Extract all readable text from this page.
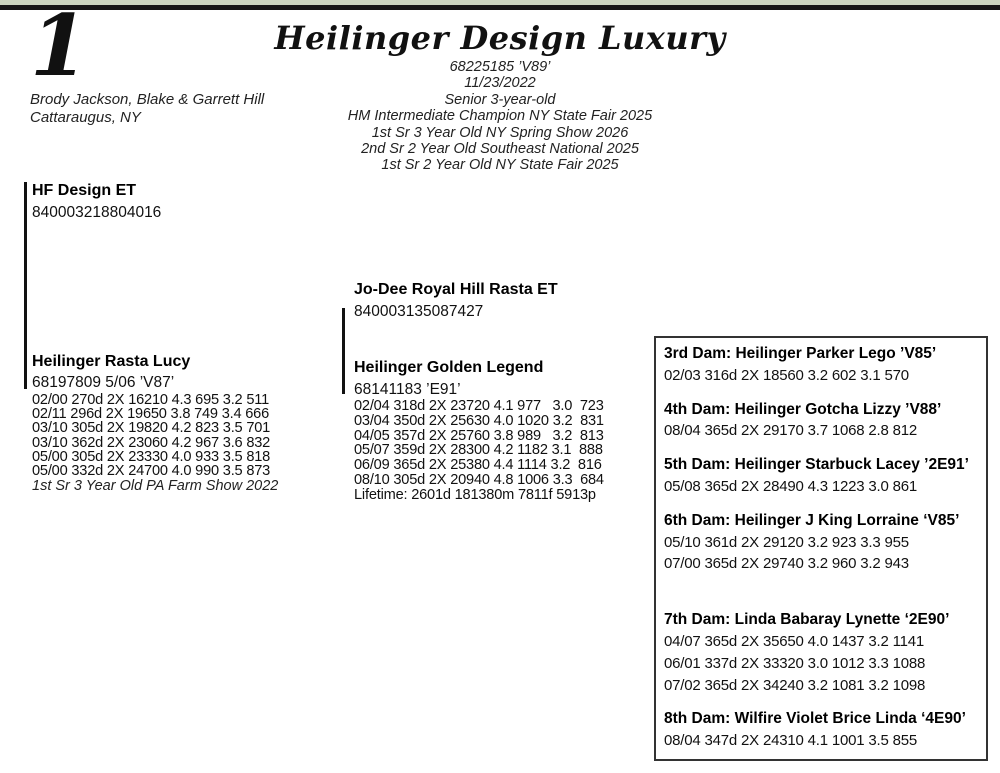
1
Brody Jackson, Blake & Garrett Hill
Cattaraugus, NY
Heilinger Design Luxury
68225185 ’V89’
11/23/2022
Senior 3-year-old
HM Intermediate Champion NY State Fair 2025
1st Sr 3 Year Old NY Spring Show 2026
2nd Sr 2 Year Old Southeast National 2025
1st Sr 2 Year Old NY State Fair 2025
HF Design ET
840003218804016
Heilinger Rasta Lucy
68197809 5/06 ’V87’
02/00 270d 2X 16210 4.3 695 3.2 511
02/11 296d 2X 19650 3.8 749 3.4 666
03/10 305d 2X 19820 4.2 823 3.5 701
03/10 362d 2X 23060 4.2 967 3.6 832
05/00 305d 2X 23330 4.0 933 3.5 818
05/00 332d 2X 24700 4.0 990 3.5 873
1st Sr 3 Year Old PA Farm Show 2022
Jo-Dee Royal Hill Rasta ET
840003135087427
Heilinger Golden Legend
68141183 ’E91’
02/04 318d 2X 23720 4.1 977   3.0  723
03/04 350d 2X 25630 4.0 1020 3.2  831
04/05 357d 2X 25760 3.8 989   3.2  813
05/07 359d 2X 28300 4.2 1182 3.1  888
06/09 365d 2X 25380 4.4 1114 3.2  816
08/10 305d 2X 20940 4.8 1006 3.3  684
Lifetime: 2601d 181380m 7811f 5913p
3rd Dam: Heilinger Parker Lego ’V85’
02/03 316d 2X 18560 3.2 602 3.1 570
4th Dam: Heilinger Gotcha Lizzy ’V88’
08/04 365d 2X 29170 3.7 1068 2.8 812
5th Dam: Heilinger Starbuck Lacey ’2E91’
05/08 365d 2X 28490 4.3 1223 3.0 861
6th Dam: Heilinger J King Lorraine ‘V85’
05/10 361d 2X 29120 3.2 923 3.3 955
07/00 365d 2X 29740 3.2 960 3.2 943
7th Dam: Linda Babaray Lynette ‘2E90’
04/07 365d 2X 35650 4.0 1437 3.2 1141
06/01 337d 2X 33320 3.0 1012 3.3 1088
07/02 365d 2X 34240 3.2 1081 3.2 1098
8th Dam: Wilfire Violet Brice Linda ‘4E90’
08/04 347d 2X 24310 4.1 1001 3.5 855
